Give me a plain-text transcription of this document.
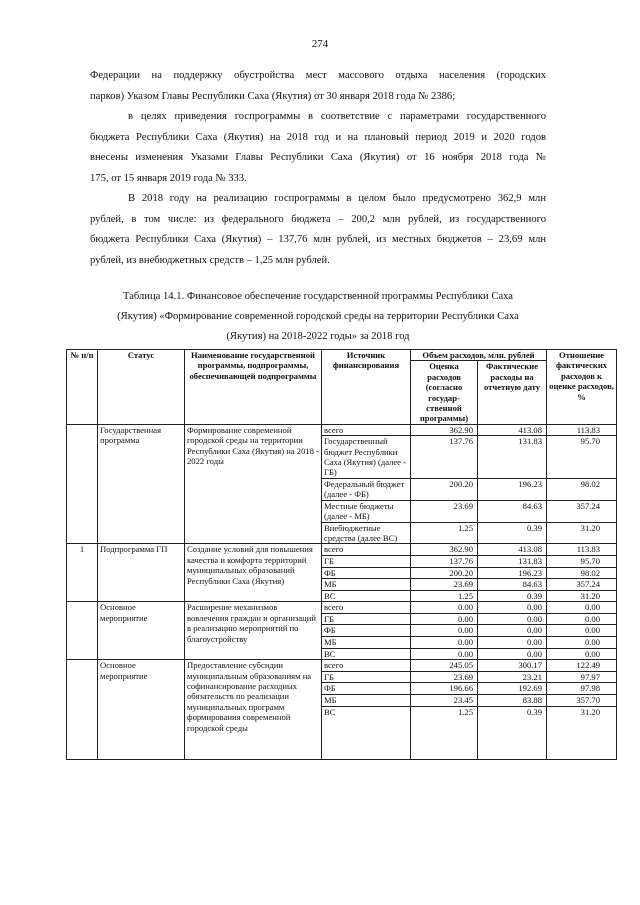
274

Федерации на поддержку обустройства мест массового отдыха населения (городских

парков) Указом Главы Республики Саха (Якутия) от 30 января 2018 года № 2386;

в целях приведения госпрограммы в соответствие с параметрами государственного

бюджета Республики Саха (Якутия) на 2018 год и на плановый период 2019 и 2020 годов

внесены изменения Указами Главы Республики Саха (Якутия) от 16 ноября 2018 года №

175, от 15 января 2019 года № 333.

В 2018 году на реализацию госпрограммы в целом было предусмотрено 362,9 млн

рублей, в том числе: из федерального бюджета – 200,2 млн рублей, из государственного

бюджета Республики Саха (Якутия) – 137,76 млн рублей, из местных бюджетов – 23,69 млн

рублей, из внебюджетных средств – 1,25 млн рублей.

Таблица 14.1. Финансовое обеспечение государственной программы Республики Саха
(Якутия) «Формирование современной городской среды на территории Республики Саха
(Якутия) на 2018-2022 годы» за 2018 год
№ п/п	Статус	Наименование государственной программы, подпрограммы, обеспечивающей подпрограммы	Источник финансирования	Объем расходов, млн. рублей		Отношение фактических расходов к оценке расходов, %
				Оценка расходов (согласно государ-ственной программы)	Фактические расходы на отчетную дату	
	Государственная программа	Формирование современной городской среды на территории Республики Саха (Якутия) на 2018 - 2022 годы	всего	362.90	413.08	113.83
			Государственный бюджет Республики Саха (Якутия) (далее - ГБ)	137.76	131.83	95.70
			Федеральный бюджет (далее - ФБ)	200.20	196.23	98.02
			Местные бюджеты (далее - МБ)	23.69	84.63	357.24
			Внебюджетные средства (далее ВС)	1.25	0.39	31.20
1	Подпрограмма ГП	Создание условий для повышения качества и комфорта территорий муниципальных образований Республики Саха (Якутия)	всего	362.90	413.08	113.83
			ГБ	137.76	131.83	95.70
			ФБ	200.20	196.23	98.02
			МБ	23.69	84.63	357.24
			ВС	1.25	0.39	31.20
	Основное мероприятие	Расширение механизмов вовлечения граждан и организаций в реализацию мероприятий по благоустройству	всего	0.00	0.00	0.00
			ГБ	0.00	0.00	0.00
			ФБ	0.00	0.00	0.00
			МБ	0.00	0.00	0.00
			ВС	0.00	0.00	0.00
	Основное мероприятие	Предоставление субсидии муниципальным образованиям на софинансирование расходных обязательств по реализации муниципальных программ формирования современной городской среды	всего	245.05	300.17	122.49
			ГБ	23.69	23.21	97.97
			ФБ	196.66	192.69	97.98
			МБ	23.45	83.88	357.70
			ВС	1.25	0.39	31.20
